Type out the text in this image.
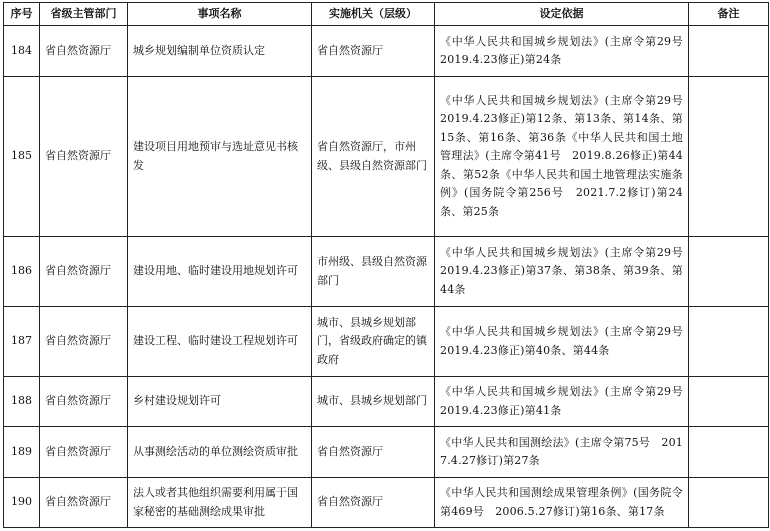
序号	省级主管部门	事项名称	实施机关（层级）	设定依据	备注
184	省自然资源厅	城乡规划编制单位资质认定	省自然资源厅	《中华人民共和国城乡规划法》(主席令第29号　2019.4.23修正)第24条	
185	省自然资源厅	建设项目用地预审与选址意见书核发	省自然资源厅，市州级、县级自然资源部门	《中华人民共和国城乡规划法》(主席令第29号　2019.4.23修正)第12条、第13条、第14条、第15条、第16条、第36条《中华人民共和国土地管理法》(主席令第41号　2019.8.26修正)第44条、第52条《中华人民共和国土地管理法实施条例》(国务院令第256号　2021.7.2修订)第24条、第25条	
186	省自然资源厅	建设用地、临时建设用地规划许可	市州级、县级自然资源部门	《中华人民共和国城乡规划法》(主席令第29号　2019.4.23修正)第37条、第38条、第39条、第44条	
187	省自然资源厅	建设工程、临时建设工程规划许可	城市、县城乡规划部门，省级政府确定的镇政府	《中华人民共和国城乡规划法》(主席令第29号　2019.4.23修正)第40条、第44条	
188	省自然资源厅	乡村建设规划许可	城市、县城乡规划部门	《中华人民共和国城乡规划法》(主席令第29号　2019.4.23修正)第41条	
189	省自然资源厅	从事测绘活动的单位测绘资质审批	省自然资源厅	《中华人民共和国测绘法》(主席令第75号　2017.4.27修订)第27条	
190	省自然资源厅	法人或者其他组织需要利用属于国家秘密的基础测绘成果审批	省自然资源厅	《中华人民共和国测绘成果管理条例》(国务院令第469号　2006.5.27修订)第16条、第17条	
